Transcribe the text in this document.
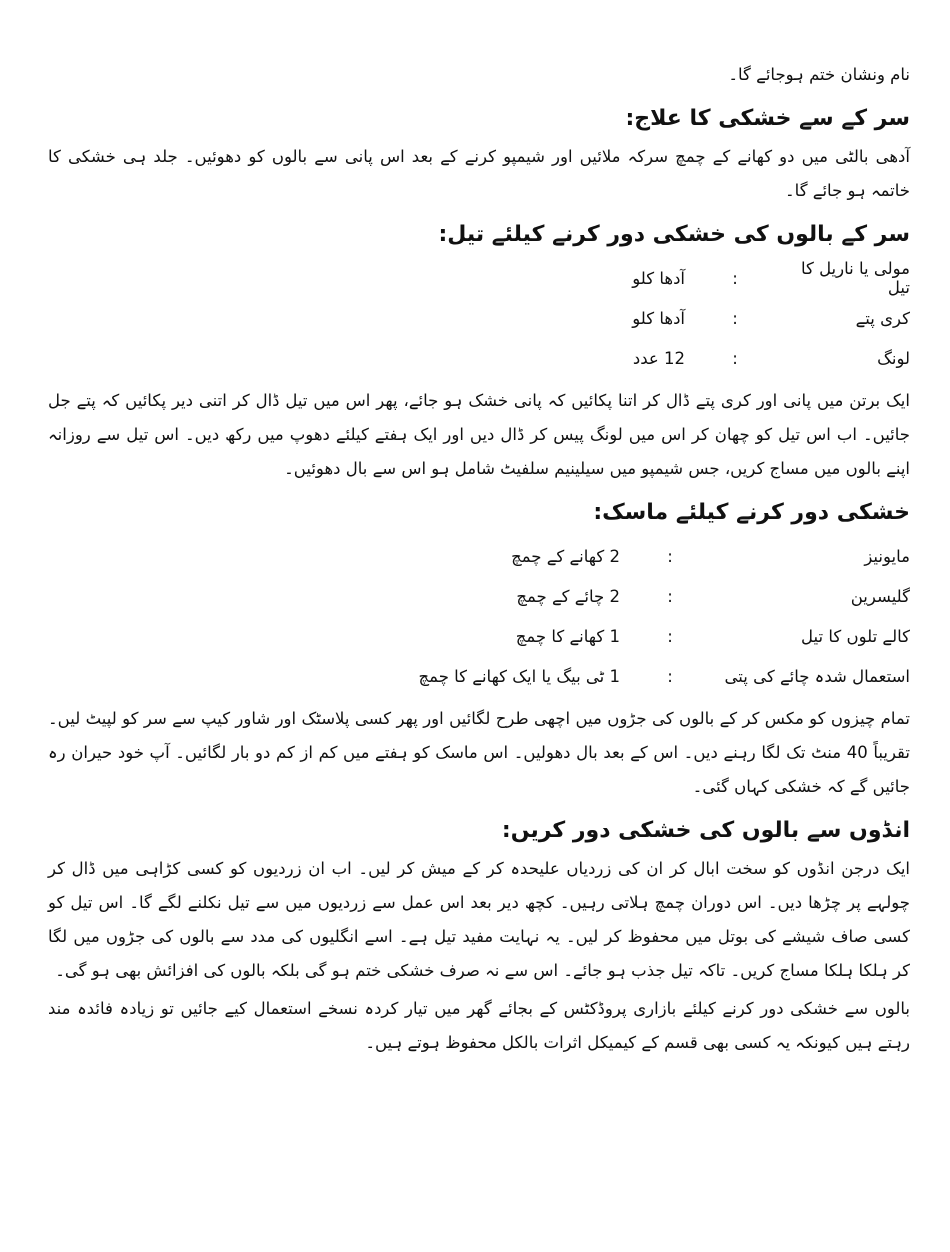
نام ونشان ختم ہوجائے گا۔

سر کے سے خشکی کا علاج:

آدھی بالٹی میں دو کھانے کے چمچ سرکہ ملائیں اور شیمپو کرنے کے بعد اس پانی سے بالوں کو دھوئیں۔ جلد ہی خشکی کا خاتمہ ہو جائے گا۔

سر کے بالوں کی خشکی دور کرنے کیلئے تیل:

مولی یا ناریل کا تیل
:
آدھا کلو
کری پتے
:
آدھا کلو
لونگ
:
12 عدد

ایک برتن میں پانی اور کری پتے ڈال کر اتنا پکائیں کہ پانی خشک ہو جائے، پھر اس میں تیل ڈال کر اتنی دیر پکائیں کہ پتے جل جائیں۔ اب اس تیل کو چھان کر اس میں لونگ پیس کر ڈال دیں اور ایک ہفتے کیلئے دھوپ میں رکھ دیں۔ اس تیل سے روزانہ اپنے بالوں میں مساج کریں، جس شیمپو میں سیلینیم سلفیٹ شامل ہو اس سے بال دھوئیں۔

خشکی دور کرنے کیلئے ماسک:

مایونیز
:
2 کھانے کے چمچ
گلیسرین
:
2 چائے کے چمچ
کالے تلوں کا تیل
:
1 کھانے کا چمچ
استعمال شدہ چائے کی پتی
:
1 ٹی بیگ یا ایک کھانے کا چمچ

تمام چیزوں کو مکس کر کے بالوں کی جڑوں میں اچھی طرح لگائیں اور پھر کسی پلاسٹک اور شاور کیپ سے سر کو لپیٹ لیں۔ تقریباً 40 منٹ تک لگا رہنے دیں۔ اس کے بعد بال دھولیں۔ اس ماسک کو ہفتے میں کم از کم دو بار لگائیں۔ آپ خود حیران رہ جائیں گے کہ خشکی کہاں گئی۔

انڈوں سے بالوں کی خشکی دور کریں:

ایک درجن انڈوں کو سخت ابال کر ان کی زردیاں علیحدہ کر کے میش کر لیں۔ اب ان زردیوں کو کسی کڑاہی میں ڈال کر چولہے پر چڑھا دیں۔ اس دوران چمچ ہلاتی رہیں۔ کچھ دیر بعد اس عمل سے زردیوں میں سے تیل نکلنے لگے گا۔ اس تیل کو کسی صاف شیشے کی بوتل میں محفوظ کر لیں۔ یہ نہایت مفید تیل ہے۔ اسے انگلیوں کی مدد سے بالوں کی جڑوں میں لگا کر ہلکا ہلکا مساج کریں۔ تاکہ تیل جذب ہو جائے۔ اس سے نہ صرف خشکی ختم ہو گی بلکہ بالوں کی افزائش بھی ہو گی۔

بالوں سے خشکی دور کرنے کیلئے بازاری پروڈکٹس کے بجائے گھر میں تیار کردہ نسخے استعمال کیے جائیں تو زیادہ فائدہ مند رہتے ہیں کیونکہ یہ کسی بھی قسم کے کیمیکل اثرات بالکل محفوظ ہوتے ہیں۔
